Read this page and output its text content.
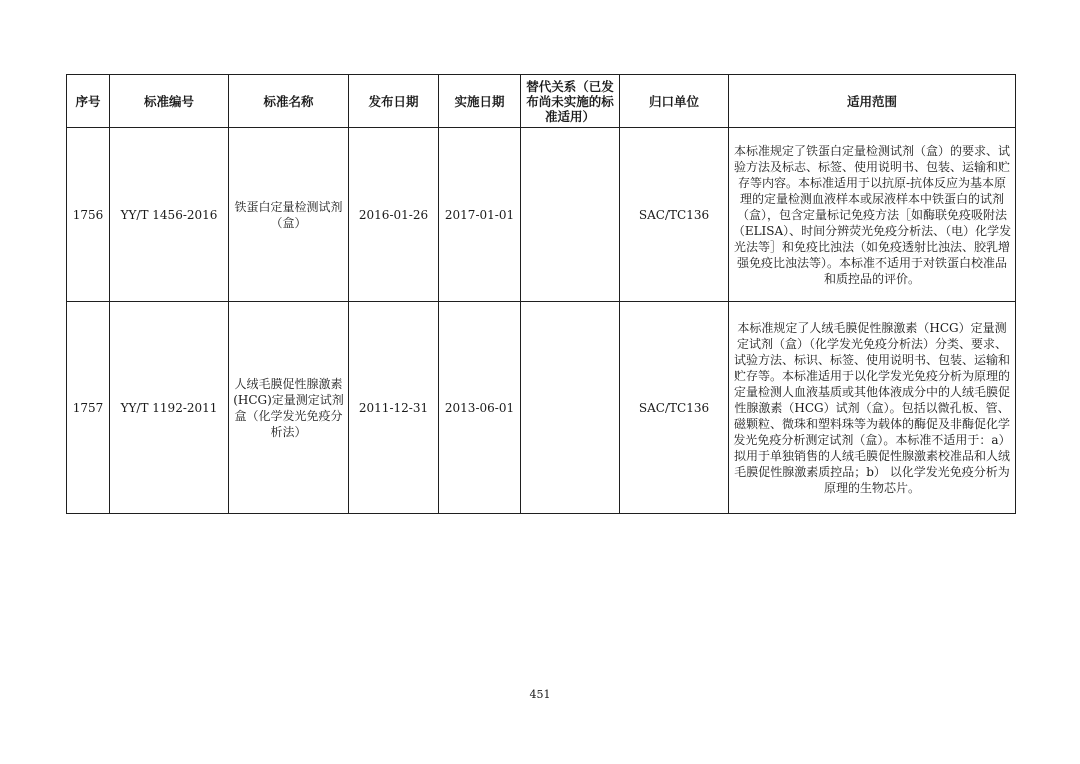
序号	标准编号	标准名称	发布日期	实施日期	替代关系（已发布尚未实施的标准适用）	归口单位	适用范围
1756	YY/T 1456-2016	铁蛋白定量检测试剂（盒）	2016-01-26	2017-01-01		SAC/TC136	本标准规定了铁蛋白定量检测试剂（盒）的要求、试验方法及标志、标签、使用说明书、包装、运输和贮存等内容。本标准适用于以抗原-抗体反应为基本原理的定量检测血液样本或尿液样本中铁蛋白的试剂（盒），包含定量标记免疫方法［如酶联免疫吸附法（ELISA）、时间分辨荧光免疫分析法、（电）化学发光法等］和免疫比浊法（如免疫透射比浊法、胶乳增强免疫比浊法等）。本标准不适用于对铁蛋白校准品和质控品的评价。
1757	YY/T 1192-2011	人绒毛膜促性腺激素(HCG)定量测定试剂盒（化学发光免疫分析法）	2011-12-31	2013-06-01		SAC/TC136	本标准规定了人绒毛膜促性腺激素（HCG）定量测定试剂（盒）（化学发光免疫分析法）分类、要求、试验方法、标识、标签、使用说明书、包装、运输和贮存等。本标准适用于以化学发光免疫分析为原理的定量检测人血液基质或其他体液成分中的人绒毛膜促性腺激素（HCG）试剂（盒）。包括以微孔板、管、磁颗粒、微珠和塑料珠等为载体的酶促及非酶促化学发光免疫分析测定试剂（盒）。本标准不适用于：a） 拟用于单独销售的人绒毛膜促性腺激素校准品和人绒毛膜促性腺激素质控品；b） 以化学发光免疫分析为原理的生物芯片。
451
